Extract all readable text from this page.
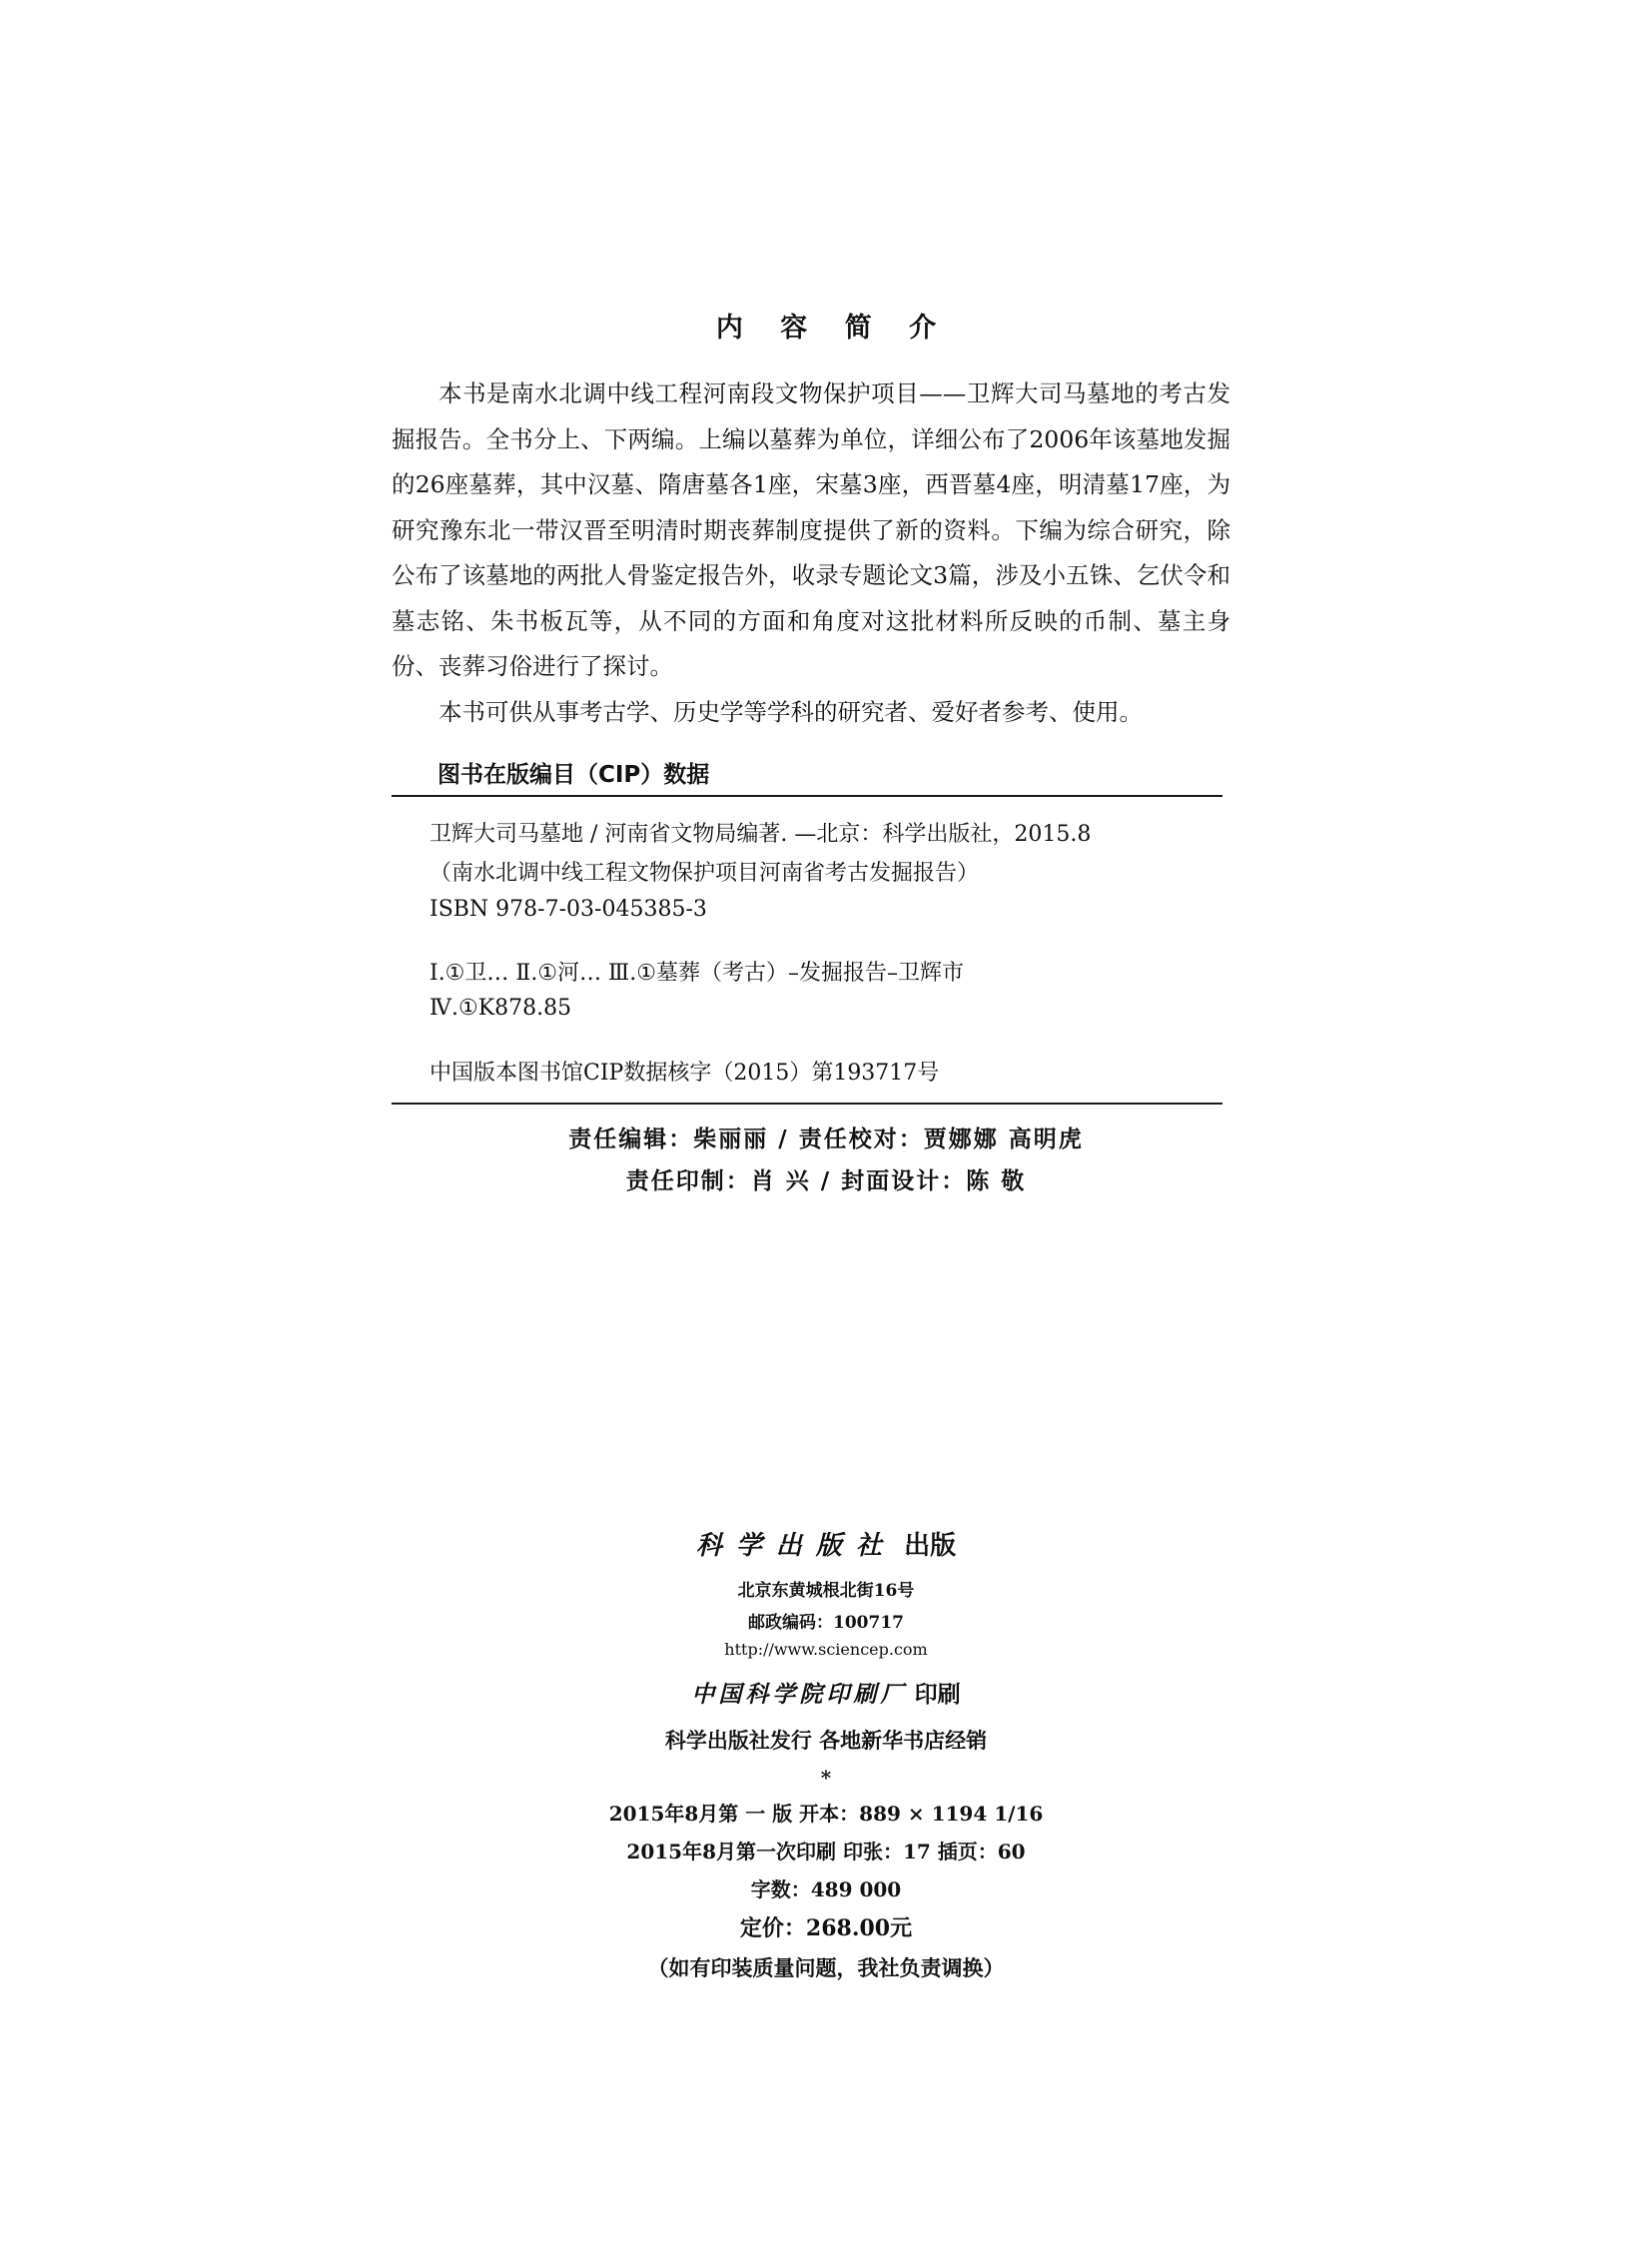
内 容 简 介

本书是南水北调中线工程河南段文物保护项目——卫辉大司马墓地的考古发掘报告。全书分上、下两编。上编以墓葬为单位，详细公布了2006年该墓地发掘的26座墓葬，其中汉墓、隋唐墓各1座，宋墓3座，西晋墓4座，明清墓17座，为研究豫东北一带汉晋至明清时期丧葬制度提供了新的资料。下编为综合研究，除公布了该墓地的两批人骨鉴定报告外，收录专题论文3篇，涉及小五铢、乞伏令和墓志铭、朱书板瓦等，从不同的方面和角度对这批材料所反映的币制、墓主身份、丧葬习俗进行了探讨。

本书可供从事考古学、历史学等学科的研究者、爱好者参考、使用。

图书在版编目（CIP）数据
卫辉大司马墓地 / 河南省文物局编著. —北京：科学出版社，2015.8
（南水北调中线工程文物保护项目河南省考古发掘报告）
ISBN 978-7-03-045385-3
Ⅰ.①卫… Ⅱ.①河… Ⅲ.①墓葬（考古）–发掘报告–卫辉市
Ⅳ.①K878.85
中国版本图书馆CIP数据核字（2015）第193717号
责任编辑：柴丽丽 / 责任校对：贾娜娜 高明虎
责任印制：肖 兴 / 封面设计：陈 敬
科学出版社 出版
北京东黄城根北街16号
邮政编码：100717
http://www.sciencep.com
中国科学院印刷厂 印刷
科学出版社发行 各地新华书店经销
*
2015年8月第 一 版 开本：889 × 1194 1/16
2015年8月第一次印刷 印张：17 插页：60
字数：489 000
定价：268.00元
（如有印装质量问题，我社负责调换）
